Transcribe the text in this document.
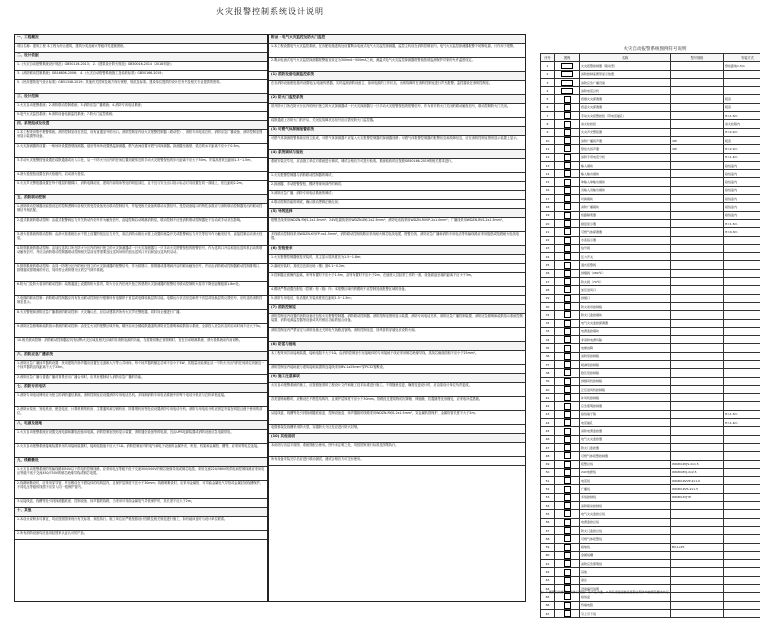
火灾报警控制系统设计说明
一、工程概况
项目名称：建筑工程 本工程为综合建筑，建筑分类及耐火等级详见建施图纸。
二、设计依据
1.《火灾自动报警系统设计规范》GB50116-2013； 2.《建筑设计防火规范》GB50016-2014（2018年版）；
3.《消防联动控制系统》GB16806-2006； 4.《火灾自动报警系统施工及验收标准》GB50166-2019；
5.《民用建筑电气设计标准》GB51348-2019；其他有关国家及地方现行规程、规范及标准。建设单位提供的设计任务书及相关专业提供的资料。
三、设计范围
1.火灾自动报警系统；2.消防联动控制系统；3.消防应急广播系统；4.消防专用电话系统；
5.电气火灾监控系统；6.消防设备电源监控系统；7.防火门监控系统；
四、系统组成及设置
1.本工程采用集中报警系统。消防控制室设在首层，设有直通室外的出口。消防控制室内设火灾报警控制器（联动型）、消防专用电话总机、消防应急广播设备、消防控制室图形显示装置等设备。
2.火灾探测器的设置：一般场所设置感烟探测器，厨房等场所设置感温探测器，燃气表间设置可燃气体探测器。探测器至墙壁、梁边的水平距离不应小于0.5m。
3.手动火灾报警按钮设置在疏散通道或出入口处，从一个防火分区内的任何位置到最邻近的手动火灾报警按钮的步行距离不应大于30m。安装高度底边距地1.3~1.5m。
4.消火栓按钮设置在消火栓箱内，启动消火栓泵。
5.火灾声光警报器设置在每个楼层的楼梯口、消防电梯前室、建筑内部拐角等处的明显部位，且不宜与安全出口指示标志灯具设置在同一面墙上，底边距地2.2m。
五、消防联动控制
1.消防联动控制器应能按设定的控制逻辑向各相关的受控设备发出联动控制信号，并接受相关设备的联动反馈信号。受控设备接口的特性参数应与消防联动控制器发出的联动控制信号相匹配。
2.湿式系统的联动控制：由湿式报警阀压力开关的动作信号作为触发信号，直接控制启动喷淋消防泵，联动控制不应受消防联动控制器处于自动或手动状态影响。
3.消火栓系统的联动控制：由消火栓系统出水干管上设置的低压压力开关、高位消防水箱出水管上设置的流量开关或报警阀压力开关等信号作为触发信号，直接控制启动消火栓泵。
4.防烟系统的联动控制：由加压送风口所在防火分区内的两只独立的火灾探测器或一只火灾探测器与一只手动火灾报警按钮的报警信号，作为送风口开启和加压送风机启动的联动触发信号，并应由消防联动控制器联动控制相关层前室等需要加压送风场所的加压送风口开启和加压送风机启动。
5.排烟系统的联动控制：由同一防烟分区内的两只独立的火灾探测器的报警信号，作为排烟口、排烟窗或排烟阀开启的联动触发信号，并应由消防联动控制器联动控制排烟口、排烟窗或排烟阀的开启，同时停止该防烟分区的空气调节系统。
6.防火门及防火卷帘的联动控制：疏散通道上设置的防火卷帘，防火分区内任两只独立的感烟火灾探测器的报警信号联动控制防火卷帘下降至距楼板面1.8m处。
7.电梯的联动控制：消防联动控制器应具有发出联动控制信号强制所有电梯停于首层或电梯转换层的功能。电梯运行状态信息和停于首层或转换层的反馈信号，应传送给消防控制室显示。
8.火灾警报和消防应急广播系统的联动控制：火灾确认后，应启动建筑内所有火灾声光警报器，同时向全楼进行广播。
9.消防应急照明和疏散指示系统的联动控制：由发生火灾的报警区域开始，顺序启动全楼疏散通道的消防应急照明和疏散指示系统，全部投入应急状态的启动时间不应大于5s。
10.相关联动控制：消防联动控制器应具有切断火灾区域及相关区域的非消防电源的功能，当需要切断正常照明时，宜在自动喷淋系统、消火栓系统动作前切断。
六、消防应急广播系统
1.消防应急广播扬声器的设置：民用建筑内扬声器应设置在走道和大厅等公共场所。每个扬声器的额定功率不应小于3W，其数量应能保证从一个防火分区内的任何部位到最近一个扬声器的直线距离不大于25m。
2.消防应急广播与普通广播或背景音乐广播合用时，应具有强制切入消防应急广播的功能。
七、消防专用电话
1.消防专用电话网络应为独立的消防通信系统。消防控制室应设置消防专用电话总机。多线制消防专用电话系统中的每个电话分机应与总机单独连接。
2.消防水泵房、发电机房、配变电室、计算机网络机房、主要通风和空调机房、防排烟机房等处应设置消防专用电话分机。消防专用电话分机应固定安装在明显且便于使用的部位。
八、电源及接地
1.火灾自动报警系统应设置交流电源和蓄电池备用电源。消防控制室图形显示装置、消防通信设备等的电源，宜由UPS电源装置或消防设备应急电源供电。
2.火灾自动报警系统接地装置采用共用接地装置时，接地电阻值不应大于1Ω。消防控制室内的电气和电子设备的金属外壳、机柜、机架和金属管、槽等，应采用等电位连接。
九、线路敷设
1.火灾自动报警系统的传输线路和50V以下供电的控制线路，应采用电压等级不低于交流300/500V的铜芯绝缘导线或铜芯电缆。采用交流220/380V的供电和控制线路应采用电压等级不低于交流450/750V的铜芯绝缘导线或铜芯电缆。
2.线路暗敷设时，应采用穿导管，并应敷设在不燃烧体的结构层内，且保护层厚度不宜小于30mm；线路明敷设时，应采用金属管、可弯曲金属电气导管或金属封闭线槽保护。不同电压等级的线缆不应穿入同一根保护管内。
3.从接线盒、线槽等处引到探测器底座、控制设备、扬声器的线路，当采用可弯曲金属电气导管保护时，其长度不应大于2m。
十、其他
1.本设计说明未尽事宜，均应按照国家现行有关标准、规范执行。施工单位应严格按照设计图纸及相关规范进行施工，如有疑问及时与设计单位联系。
2.所有消防设备均应选用经国家认证认可的产品。
附录 · 电气火灾监控及防火门监控
1.本工程设置电气火灾监控系统，在各配电箱进线处设置剩余电流式电气火灾监控探测器，监控主机设在消防控制室内，电气火灾监控探测器报警不切断电源，只作用于报警。
2.剩余电流式电气火灾监控探测器报警值宜设定为300mA~500mA之间，测温式电气火灾监控探测器报警值按被监测保护对象的允许温度设定。
(1) 消防设备电源监控系统
在各消防设备配电箱内设置电压/电流传感器，实时监测消防设备主、备用电源的工作状态，出现故障时在消防控制室进行声光报警。监控器设在消防控制室。
(2) 防火门监控系统
常开防火门所在防火分区内的两只独立的火灾探测器或一只火灾探测器与一只手动火灾报警按钮的报警信号，作为常开防火门关闭的联动触发信号，联动控制防火门关闭。
疏散通道上各防火门的开启、关闭及故障状态信号应反馈至防火门监控器。
(3) 可燃气体探测报警系统
可燃气体探测报警系统应独立组成，可燃气体探测器不应接入火灾报警控制器的探测器回路；可燃气体报警控制器的报警信息和故障信息，应在消防控制室图形显示装置上显示。
(4) 系统调试与验收
系统安装完毕后，应由施工单位对系统进行调试，调试合格后方可进行验收。系统验收时应按照GB50166-2019的相关要求进行。
1.火灾报警控制器与消防联动控制器的调试；
2.探测器、手动报警按钮、模块等现场部件的调试；
3.消防应急广播、消防专用电话系统的调试；
4.联动控制功能的调试，确认联动逻辑正确无误；
(5) 导线选择
报警总线采用WDZN-RYJS-2x1.5mm²；24V电源线采用WDZN-BYJ-2x2.5mm²；消防电话线采用WDZN-RVVP-2x1.0mm²；广播线采用WDZN-RVS-2x1.5mm²。
多线联动控制线采用WDZN-KYJYP-nx1.5mm²，消防联动控制线路应采用耐火铜芯电线电缆，报警总线、消防应急广播和消防专用电话等传输线路应采用阻燃或阻燃耐火电线电缆。
(6) 安装要求
1.火灾报警控制器壁挂安装时，其主显示屏高度宜为1.5~1.8m；
2.落地安装时，其底边宜高出地（楼）面0.1~0.2m；
3.控制器正面操作距离，单列布置时不应小于1.5m，双列布置时不应小于2m，在值班人员经常工作的一面，设备面盘至墙的距离不应小于3m。
4.模块严禁设置在配电（控制）柜（箱）内；本报警区域内的模块不应控制其他报警区域的设备。
5.消防专用电话、电话插孔安装高度底边距地1.3~1.5m；
(7) 消防控制室
消防控制室内设置的消防设备应包括火灾报警控制器、消防联动控制器、消防控制室图形显示装置、消防专用电话总机、消防应急广播控制装置、消防应急照明和疏散指示系统控制装置、消防电源监控器等设备或具有相应功能的组合设备。
消防控制室内严禁穿过与消防设施无关的电气线路及管路。消防控制室送、回风管的穿墙处应设防火阀。
(8) 防雷与接地
本工程采用共用接地装置，接地电阻不大于1Ω。由消防控制室引至接地体的专用接地干线应采用铜芯绝缘导线，其线芯截面面积不应小于25mm²。
消防控制室内接地板与建筑接地装置的连接线采用BV-1x25mm²穿PC32管敷设。
(9) 施工注意事项
火灾自动报警系统的施工，应按照批准的工程设计文件和施工技术标准进行施工。不得随意变更，确需变更设计时，应由原设计单位负责更改。
各类管路暗敷时，应敷设在不燃性结构内，且保护层厚度不应小于30mm。管路经过建筑物的沉降缝、伸缩缝、抗震缝等变形缝处，应采取补偿措施。
从接线盒、线槽等处引到探测器底座盒、控制设备盒、扬声器箱的线路采用WDZN-RYJS-2x1.5mm²，穿金属软管保护，金属软管长度不大于2m。
电缆桥架及线槽采用防火型，穿越防火分区处应进行防火封堵。
(10) 其他说明
本说明与各层平面图、系统图配合使用。图中未注明之处，均按国家现行标准及图集执行。
所有设备安装完毕后应进行联动测试，测试合格后方可交付使用。
火灾自动报警系统图例符号说明
序号	图例	名称	型号规格	安装方式
1		火灾报警控制器（联动型）		壁挂距地1.5m
2		消防控制室图形显示装置		
3		消防应急广播设备		
4		消防电话总机		
5		感烟火灾探测器		吸顶
6		感温火灾探测器		吸顶
7		手动火灾报警按钮（带电话插孔）		H=1.5m
8		消火栓按钮		消火栓箱内
9		火灾声光警报器		H=2.2m
10		消防广播扬声器	3W	吸顶
11		壁挂式扬声器	3W	H=2.2m
12		消防专用电话分机		H=1.4m
13		输入模块		接线盒内
14		输入输出模块		接线盒内
15		单输入单输出模块		接线盒内
16		双输入双输出模块		接线盒内
17		切换模块		接线盒内
18		消防广播模块		接线盒内
19		短路隔离器		接线盒内
20		楼层显示器		H=1.5m
21		可燃气体探测器		H=0.3m
22		水流指示器		
23		信号阀		
24		压力开关		
25		湿式报警阀		
26		排烟阀（280℃）		
27		防火阀（70℃）		
28		加压送风口		
29		排烟口		
30		防火卷帘控制箱		
31		防火门监控模块		
32		电气火灾监控探测器		
33		电源监控模块		
34		非消防电源切除		
35		电梯迫降		
36		消防泵控制箱		
37		喷淋泵控制箱		
38		稳压泵控制箱		
39		排烟风机控制箱		
40		正压送风机控制箱		
41		补风机控制箱		
42		应急照明控制器		
43		接线端子箱		H=1.5m
44		电话插孔		H=1.4m
45		消防电源监控器		
46		电气火灾监控器		
47		防火门监控器		
48		可燃气体报警控制器		
49		报警总线	WDZN-RYJS-2x1.5	
50		24V电源线	WDZN-BYJ-2x2.5	
51		电话线	WDZN-RVVP-2x1.0	
52		广播线	WDZN-RVS-2x1.5	
53		多线控制线	WDZN-KYJYP	
54		消防联动控制线		
55		电气火灾监控总线		
56		电源监控总线		
57		防火门监控总线		
58		可燃气体报警线		
59		接地线	BV-1x25	
60		金属线槽		
61		消防应急照明线		
62		其他		
63		备注		
64		设备编号说明		
65		接线盒		
66		终端电阻		
67		引上引下线		
注：1.图例仅供参考，具体以设备厂家产品为准。2.所有设备安装高度除注明外均按规范要求执行。
